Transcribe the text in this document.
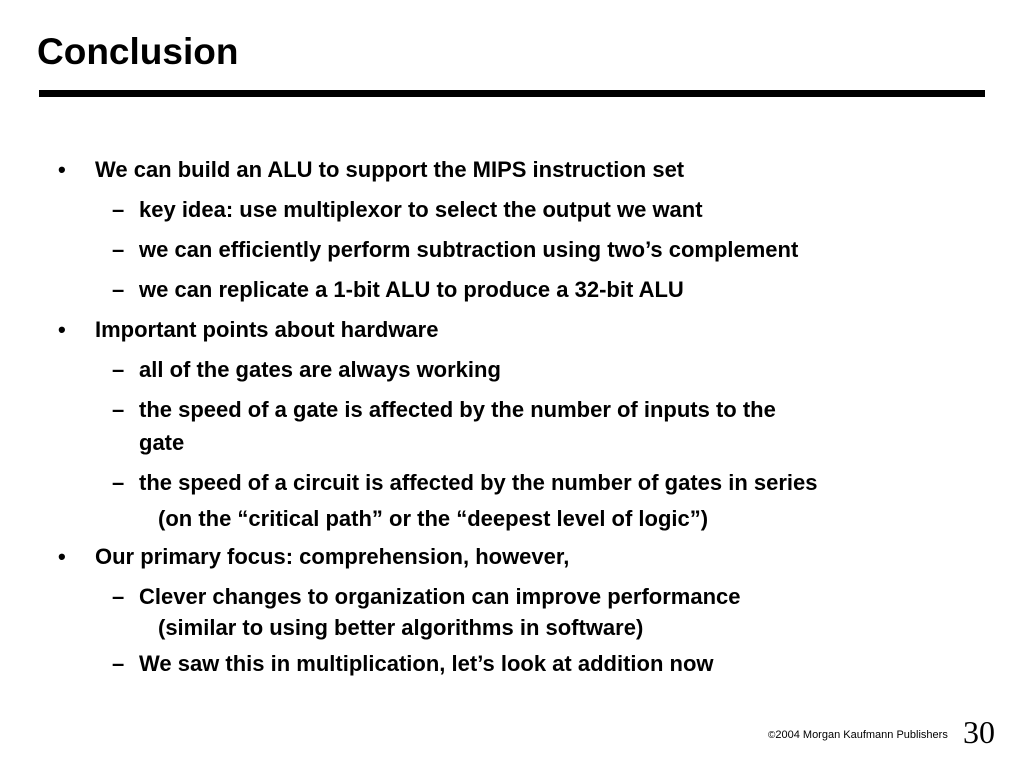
Conclusion
• We can build an ALU to support the MIPS instruction set
– key idea: use multiplexor to select the output we want
– we can efficiently perform subtraction using two’s complement
– we can replicate a 1-bit ALU to produce a 32-bit ALU
• Important points about hardware
– all of the gates are always working
– the speed of a gate is affected by the number of inputs to the
gate
– the speed of a circuit is affected by the number of gates in series
(on the “critical path” or the “deepest level of logic”)
• Our primary focus: comprehension, however,
– Clever changes to organization can improve performance
(similar to using better algorithms in software)
– We saw this in multiplication, let’s look at addition now
©2004 Morgan Kaufmann Publishers 30
